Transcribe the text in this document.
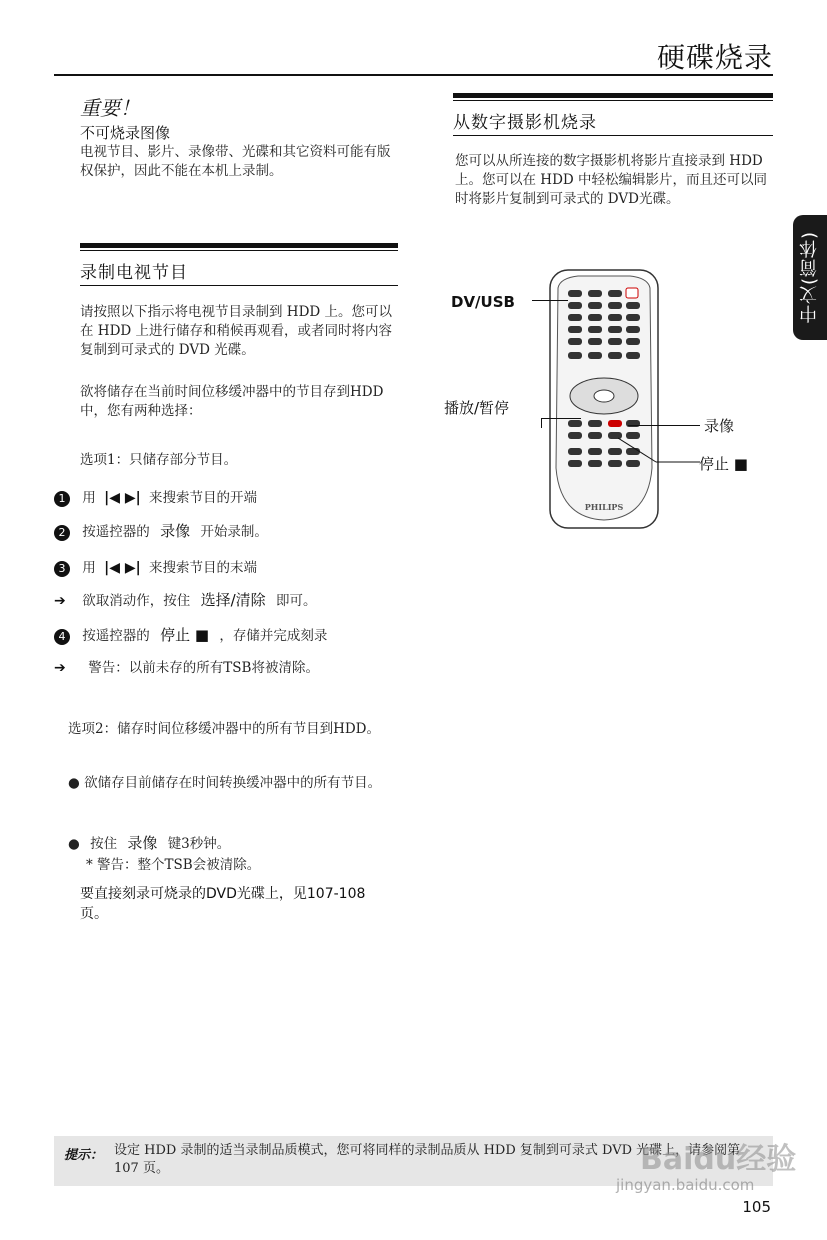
硬碟烧录
中文(简体)
重要！
不可烧录图像
电视节目、影片、录像带、光碟和其它资料可能有版权保护，因此不能在本机上录制。
录制电视节目
请按照以下指示将电视节目录制到 HDD 上。您可以在 HDD 上进行储存和稍候再观看，或者同时将内容复制到可录式的 DVD 光碟。
欲将储存在当前时间位移缓冲器中的节目存到HDD中，您有两种选择：
选项1：只储存部分节目。
1 用 |◀ ▶| 来搜索节目的开端
2 按遥控器的 录像 开始录制。
3 用 |◀ ▶| 来搜索节目的末端
➔ 欲取消动作，按住 选择/清除 即可。
4 按遥控器的 停止 ■ ，存储并完成刻录
➔ 警告：以前未存的所有TSB将被清除。
选项2：储存时间位移缓冲器中的所有节目到HDD。
● 欲储存目前储存在时间转换缓冲器中的所有节目。
● 按住 录像 键3秒钟。
* 警告：整个TSB会被清除。
要直接刻录可烧录的DVD光碟上，见107-108页。
从数字摄影机烧录
您可以从所连接的数字摄影机将影片直接录到 HDD 上。您可以在 HDD 中轻松编辑影片，而且还可以同时将影片复制到可录式的 DVD光碟。
PHILIPS
DV/USB
播放/暂停
录像
停止 ■
提示： 设定 HDD 录制的适当录制品质模式，您可将同样的录制品质从 HDD 复制到可录式 DVD 光碟上，请参阅第 107 页。	Baidu经验
jingyan.baidu.com
105
